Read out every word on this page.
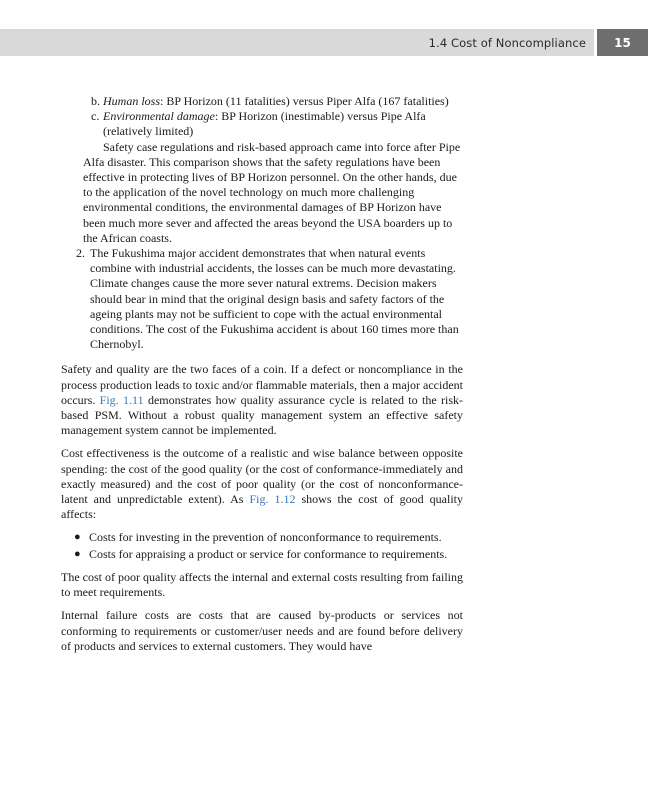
1.4 Cost of Noncompliance	15
b. Human loss: BP Horizon (11 fatalities) versus Piper Alfa (167 fatalities)
c. Environmental damage: BP Horizon (inestimable) versus Pipe Alfa (relatively limited)
Safety case regulations and risk-based approach came into force after Pipe Alfa disaster. This comparison shows that the safety regulations have been effective in protecting lives of BP Horizon personnel. On the other hands, due to the application of the novel technology on much more challenging environmental conditions, the environmental damages of BP Horizon have been much more sever and affected the areas beyond the USA boarders up to the African coasts.
2. The Fukushima major accident demonstrates that when natural events combine with industrial accidents, the losses can be much more devastating. Climate changes cause the more sever natural extrems. Decision makers should bear in mind that the original design basis and safety factors of the ageing plants may not be sufficient to cope with the actual environmental conditions. The cost of the Fukushima accident is about 160 times more than Chernobyl.

Safety and quality are the two faces of a coin. If a defect or noncompliance in the process production leads to toxic and/or flammable materials, then a major accident occurs. Fig. 1.11 demonstrates how quality assurance cycle is related to the risk-based PSM. Without a robust quality management system an effective safety management system cannot be implemented.

Cost effectiveness is the outcome of a realistic and wise balance between opposite spending: the cost of the good quality (or the cost of conformance-immediately and exactly measured) and the cost of poor quality (or the cost of nonconformance-latent and unpredictable extent). As Fig. 1.12 shows the cost of good quality affects:

● Costs for investing in the prevention of nonconformance to requirements.
● Costs for appraising a product or service for conformance to requirements.

The cost of poor quality affects the internal and external costs resulting from failing to meet requirements.

Internal failure costs are costs that are caused by-products or services not conforming to requirements or customer/user needs and are found before delivery of products and services to external customers. They would have
